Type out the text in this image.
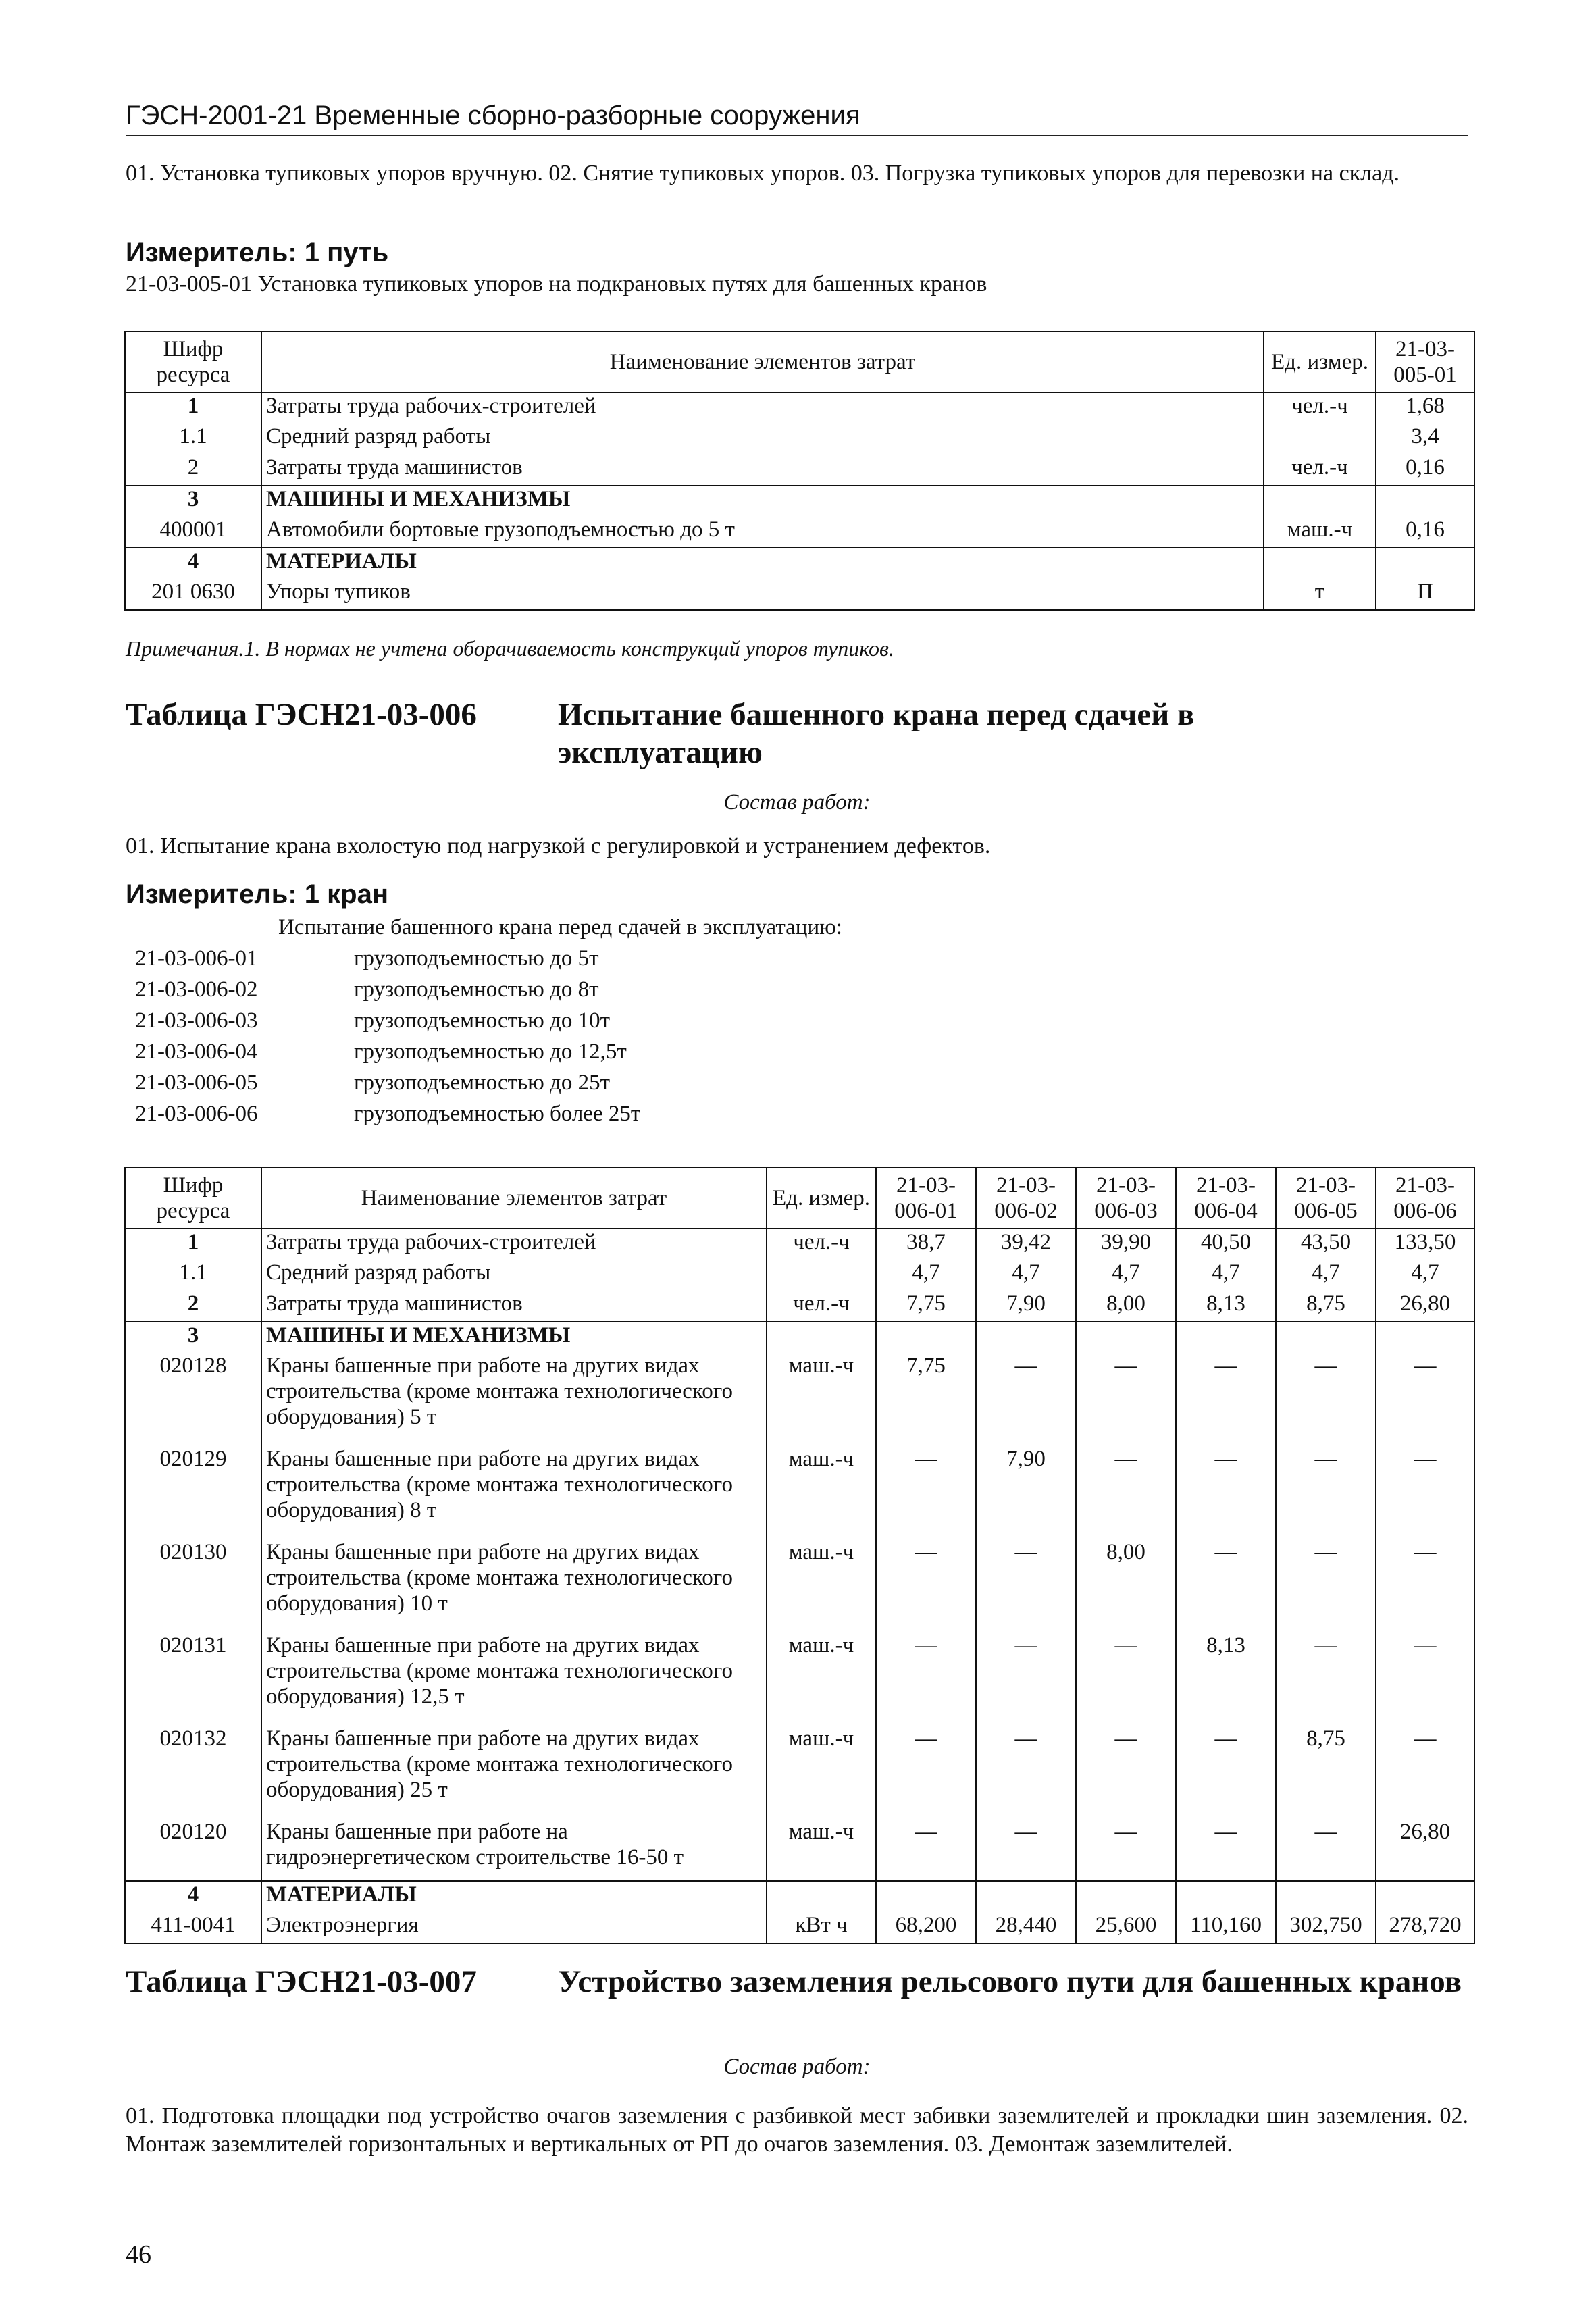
ГЭСН-2001-21 Временные сборно-разборные сооружения
01. Установка тупиковых упоров вручную. 02. Снятие тупиковых упоров. 03. Погрузка тупиковых упоров для перевозки на склад.
Измеритель: 1 путь
21-03-005-01 Установка тупиковых упоров на подкрановых путях для башенных кранов
Шифр ресурса	Наименование элементов затрат	Ед. измер.	21-03-005-01
1	Затраты труда рабочих-строителей	чел.-ч	1,68
1.1	Средний разряд работы		3,4
2	Затраты труда машинистов	чел.-ч	0,16
3	МАШИНЫ И МЕХАНИЗМЫ		
400001	Автомобили бортовые грузоподъемностью до 5 т	маш.-ч	0,16
4	МАТЕРИАЛЫ		
201 0630	Упоры тупиков	т	П
Примечания.1. В нормах не учтена оборачиваемость конструкций упоров тупиков.
Таблица ГЭСН21-03-006	Испытание башенного крана перед сдачей в эксплуатацию
Состав работ:
01. Испытание крана вхолостую под нагрузкой с регулировкой и устранением дефектов.
Измеритель: 1 кран
Испытание башенного крана перед сдачей в эксплуатацию:
21-03-006-01	грузоподъемностью до 5т
21-03-006-02	грузоподъемностью до 8т
21-03-006-03	грузоподъемностью до 10т
21-03-006-04	грузоподъемностью до 12,5т
21-03-006-05	грузоподъемностью до 25т
21-03-006-06	грузоподъемностью более 25т
Шифр ресурса	Наименование элементов затрат	Ед. измер.	21-03-006-01	21-03-006-02	21-03-006-03	21-03-006-04	21-03-006-05	21-03-006-06
1	Затраты труда рабочих-строителей	чел.-ч	38,7	39,42	39,90	40,50	43,50	133,50
1.1	Средний разряд работы		4,7	4,7	4,7	4,7	4,7	4,7
2	Затраты труда машинистов	чел.-ч	7,75	7,90	8,00	8,13	8,75	26,80
3	МАШИНЫ И МЕХАНИЗМЫ							
020128	Краны башенные при работе на других видах строительства (кроме монтажа технологического оборудования) 5 т	маш.-ч	7,75	—	—	—	—	—
020129	Краны башенные при работе на других видах строительства (кроме монтажа технологического оборудования) 8 т	маш.-ч	—	7,90	—	—	—	—
020130	Краны башенные при работе на других видах строительства (кроме монтажа технологического оборудования) 10 т	маш.-ч	—	—	8,00	—	—	—
020131	Краны башенные при работе на других видах строительства (кроме монтажа технологического оборудования) 12,5 т	маш.-ч	—	—	—	8,13	—	—
020132	Краны башенные при работе на других видах строительства (кроме монтажа технологического оборудования) 25 т	маш.-ч	—	—	—	—	8,75	—
020120	Краны башенные при работе на гидроэнергетическом строительстве 16-50 т	маш.-ч	—	—	—	—	—	26,80
4	МАТЕРИАЛЫ							
411-0041	Электроэнергия	кВт ч	68,200	28,440	25,600	110,160	302,750	278,720
Таблица ГЭСН21-03-007	Устройство заземления рельсового пути для башенных кранов
Состав работ:
01. Подготовка площадки под устройство очагов заземления с разбивкой мест забивки заземлителей и прокладки шин заземления. 02. Монтаж заземлителей горизонтальных и вертикальных от РП до очагов заземления. 03. Демонтаж заземлителей.
46
